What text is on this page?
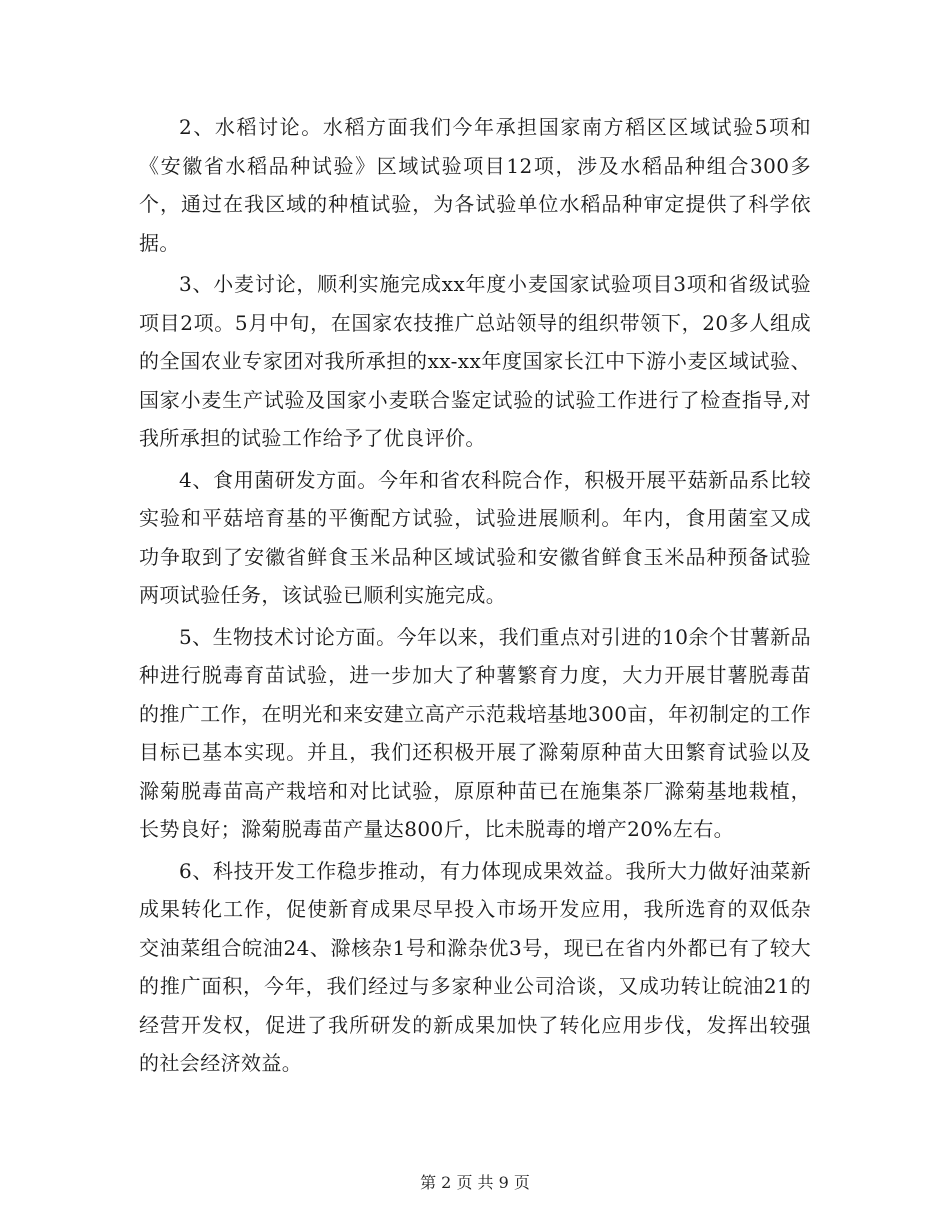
2、水稻讨论。水稻方面我们今年承担国家南方稻区区域试验5项和《安徽省水稻品种试验》区域试验项目12项，涉及水稻品种组合300多个，通过在我区域的种植试验，为各试验单位水稻品种审定提供了科学依据。

3、小麦讨论，顺利实施完成xx年度小麦国家试验项目3项和省级试验项目2项。5月中旬，在国家农技推广总站领导的组织带领下，20多人组成的全国农业专家团对我所承担的xx-xx年度国家长江中下游小麦区域试验、国家小麦生产试验及国家小麦联合鉴定试验的试验工作进行了检查指导,对我所承担的试验工作给予了优良评价。

4、食用菌研发方面。今年和省农科院合作，积极开展平菇新品系比较实验和平菇培育基的平衡配方试验，试验进展顺利。年内，食用菌室又成功争取到了安徽省鲜食玉米品种区域试验和安徽省鲜食玉米品种预备试验两项试验任务，该试验已顺利实施完成。

5、生物技术讨论方面。今年以来，我们重点对引进的10余个甘薯新品种进行脱毒育苗试验，进一步加大了种薯繁育力度，大力开展甘薯脱毒苗的推广工作，在明光和来安建立高产示范栽培基地300亩，年初制定的工作目标已基本实现。并且，我们还积极开展了滁菊原种苗大田繁育试验以及滁菊脱毒苗高产栽培和对比试验，原原种苗已在施集茶厂滁菊基地栽植，长势良好；滁菊脱毒苗产量达800斤，比未脱毒的增产20%左右。

6、科技开发工作稳步推动，有力体现成果效益。我所大力做好油菜新成果转化工作，促使新育成果尽早投入市场开发应用，我所选育的双低杂交油菜组合皖油24、滁核杂1号和滁杂优3号，现已在省内外都已有了较大的推广面积，今年，我们经过与多家种业公司洽谈，又成功转让皖油21的经营开发权，促进了我所研发的新成果加快了转化应用步伐，发挥出较强的社会经济效益。

第 2 页 共 9 页
